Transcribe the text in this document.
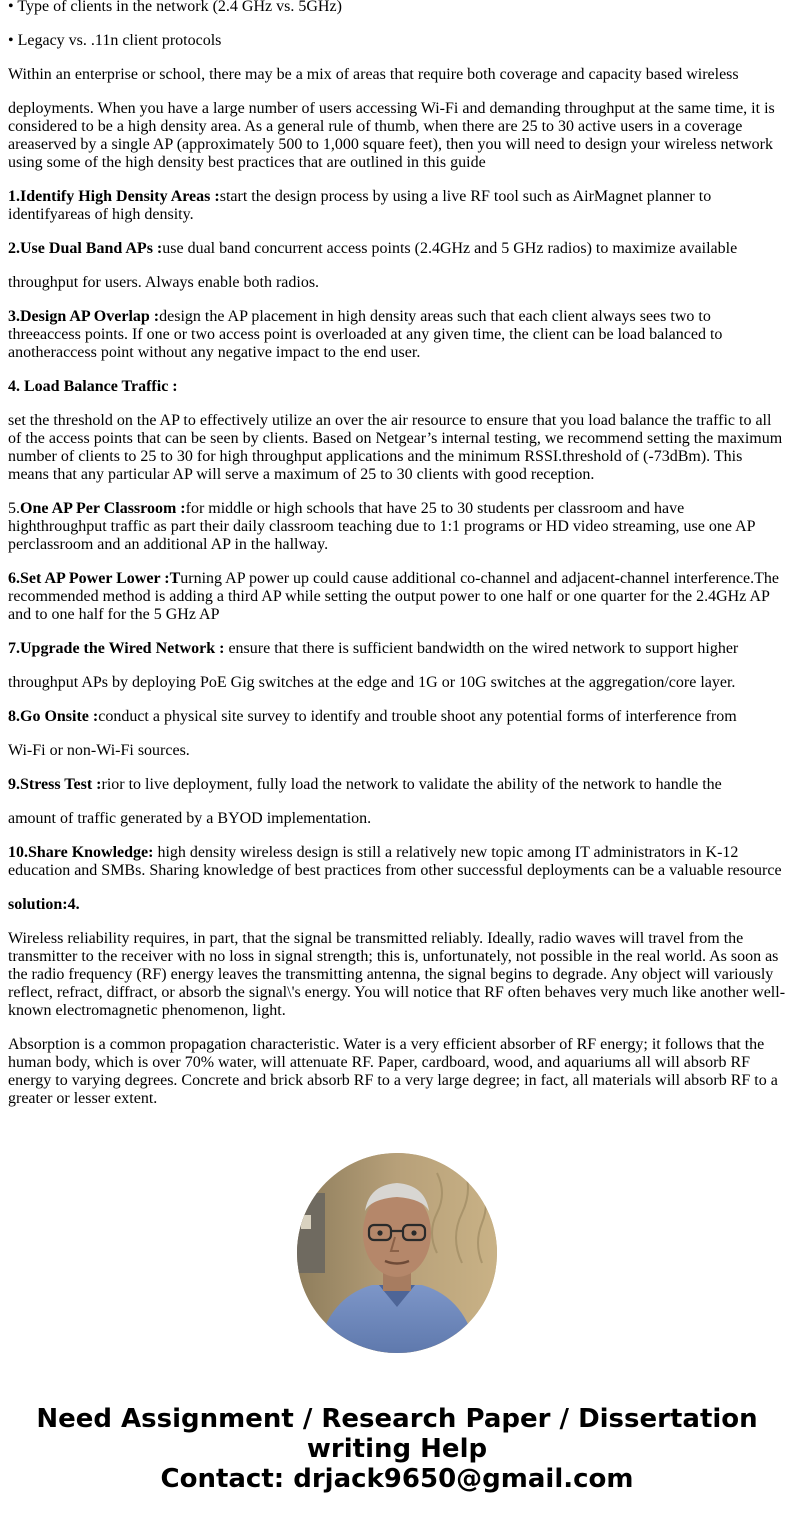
• Type of clients in the network (2.4 GHz vs. 5GHz)
• Legacy vs. .11n client protocols
Within an enterprise or school, there may be a mix of areas that require both coverage and capacity based wireless
deployments. When you have a large number of users accessing Wi-Fi and demanding throughput at the same time, it is considered to be a high density area. As a general rule of thumb, when there are 25 to 30 active users in a coverage areaserved by a single AP (approximately 500 to 1,000 square feet), then you will need to design your wireless network using some of the high density best practices that are outlined in this guide
1.Identify High Density Areas :start the design process by using a live RF tool such as AirMagnet planner to identifyareas of high density.
2.Use Dual Band APs :use dual band concurrent access points (2.4GHz and 5 GHz radios) to maximize available
throughput for users. Always enable both radios.
3.Design AP Overlap :design the AP placement in high density areas such that each client always sees two to threeaccess points. If one or two access point is overloaded at any given time, the client can be load balanced to anotheraccess point without any negative impact to the end user.
4. Load Balance Traffic :
set the threshold on the AP to effectively utilize an over the air resource to ensure that you load balance the traffic to all of the access points that can be seen by clients. Based on Netgear’s internal testing, we recommend setting the maximum number of clients to 25 to 30 for high throughput applications and the minimum RSSI.threshold of (-73dBm). This means that any particular AP will serve a maximum of 25 to 30 clients with good reception.
5.One AP Per Classroom :for middle or high schools that have 25 to 30 students per classroom and have highthroughput traffic as part their daily classroom teaching due to 1:1 programs or HD video streaming, use one AP perclassroom and an additional AP in the hallway.
6.Set AP Power Lower :Turning AP power up could cause additional co-channel and adjacent-channel interference.The recommended method is adding a third AP while setting the output power to one half or one quarter for the 2.4GHz AP and to one half for the 5 GHz AP
7.Upgrade the Wired Network : ensure that there is sufficient bandwidth on the wired network to support higher
throughput APs by deploying PoE Gig switches at the edge and 1G or 10G switches at the aggregation/core layer.
8.Go Onsite :conduct a physical site survey to identify and trouble shoot any potential forms of interference from
Wi-Fi or non-Wi-Fi sources.
9.Stress Test :rior to live deployment, fully load the network to validate the ability of the network to handle the
amount of traffic generated by a BYOD implementation.
10.Share Knowledge: high density wireless design is still a relatively new topic among IT administrators in K-12 education and SMBs. Sharing knowledge of best practices from other successful deployments can be a valuable resource
solution:4.
Wireless reliability requires, in part, that the signal be transmitted reliably. Ideally, radio waves will travel from the transmitter to the receiver with no loss in signal strength; this is, unfortunately, not possible in the real world. As soon as the radio frequency (RF) energy leaves the transmitting antenna, the signal begins to degrade. Any object will variously reflect, refract, diffract, or absorb the signal\'s energy. You will notice that RF often behaves very much like another well-known electromagnetic phenomenon, light.
Absorption is a common propagation characteristic. Water is a very efficient absorber of RF energy; it follows that the human body, which is over 70% water, will attenuate RF. Paper, cardboard, wood, and aquariums all will absorb RF energy to varying degrees. Concrete and brick absorb RF to a very large degree; in fact, all materials will absorb RF to a greater or lesser extent.
Need Assignment / Research Paper / Dissertation writing Help
Contact: drjack9650@gmail.com
